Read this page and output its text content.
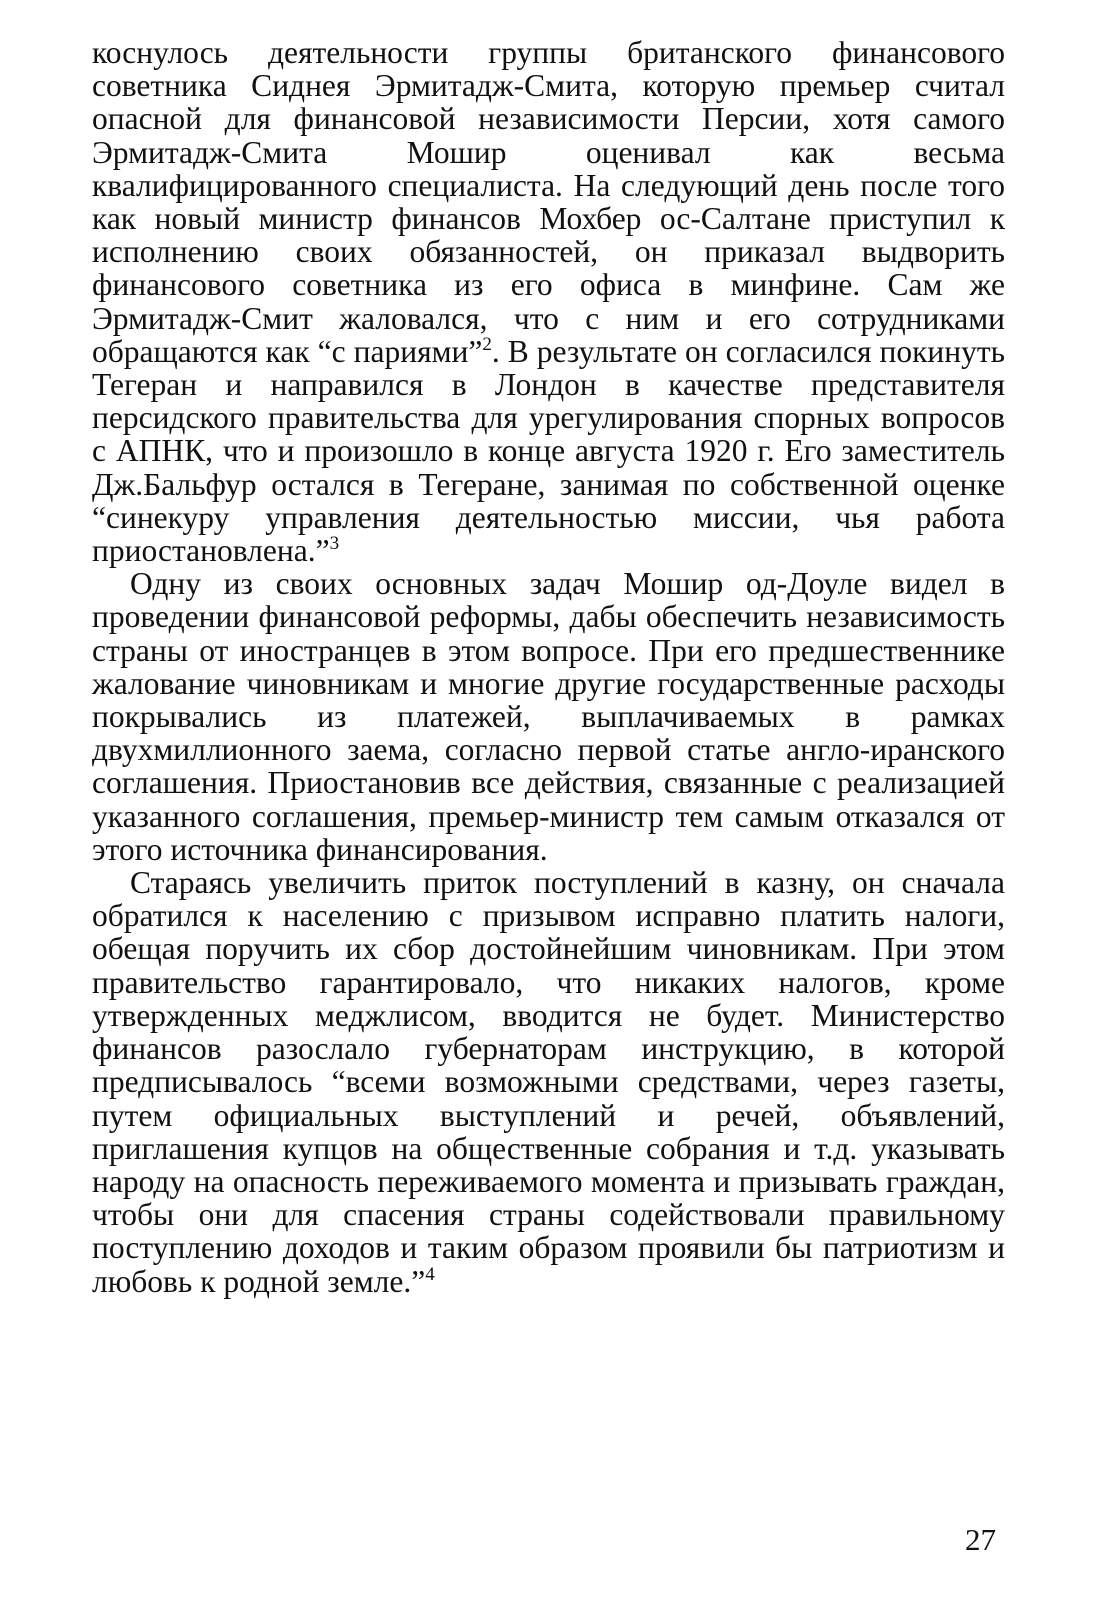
коснулось деятельности группы британского финансового советника Сиднея Эрмитадж-Смита, которую премьер считал опасной для финансовой независимости Персии, хотя самого Эрмитадж-Смита Мошир оценивал как весьма квалифицированного специалиста. На следующий день после того как новый министр финансов Мохбер ос-Салтане приступил к исполнению своих обязанностей, он приказал выдворить финансового советника из его офиса в минфине. Сам же Эрмитадж-Смит жаловался, что с ним и его сотрудниками обращаются как “с париями”$^2$. В результате он согласился покинуть Тегеран и направился в Лондон в качестве представителя персидского правительства для урегулирования спорных вопросов с АПНК, что и произошло в конце августа 1920 г. Его заместитель Дж.Бальфур остался в Тегеране, занимая по собственной оценке “синекуру управления деятельностью миссии, чья работа приостановлена.”$^3$

Одну из своих основных задач Мошир од-Доуле видел в проведении финансовой реформы, дабы обеспечить независимость страны от иностранцев в этом вопросе. При его предшественнике жалование чиновникам и многие другие государственные расходы покрывались из платежей, выплачиваемых в рамках двухмиллионного заема, согласно первой статье англо-иранского соглашения. Приостановив все действия, связанные с реализацией указанного соглашения, премьер-министр тем самым отказался от этого источника финансирования.

Стараясь увеличить приток поступлений в казну, он сначала обратился к населению с призывом исправно платить налоги, обещая поручить их сбор достойнейшим чиновникам. При этом правительство гарантировало, что никаких налогов, кроме утвержденных меджлисом, вводится не будет. Министерство финансов разослало губернаторам инструкцию, в которой предписывалось “всеми возможными средствами, через газеты, путем официальных выступлений и речей, объявлений, приглашения купцов на общественные собрания и т.д. указывать народу на опасность переживаемого момента и призывать граждан, чтобы они для спасения страны содействовали правильному поступлению доходов и таким образом проявили бы патриотизм и любовь к родной земле.”$^4$

27
